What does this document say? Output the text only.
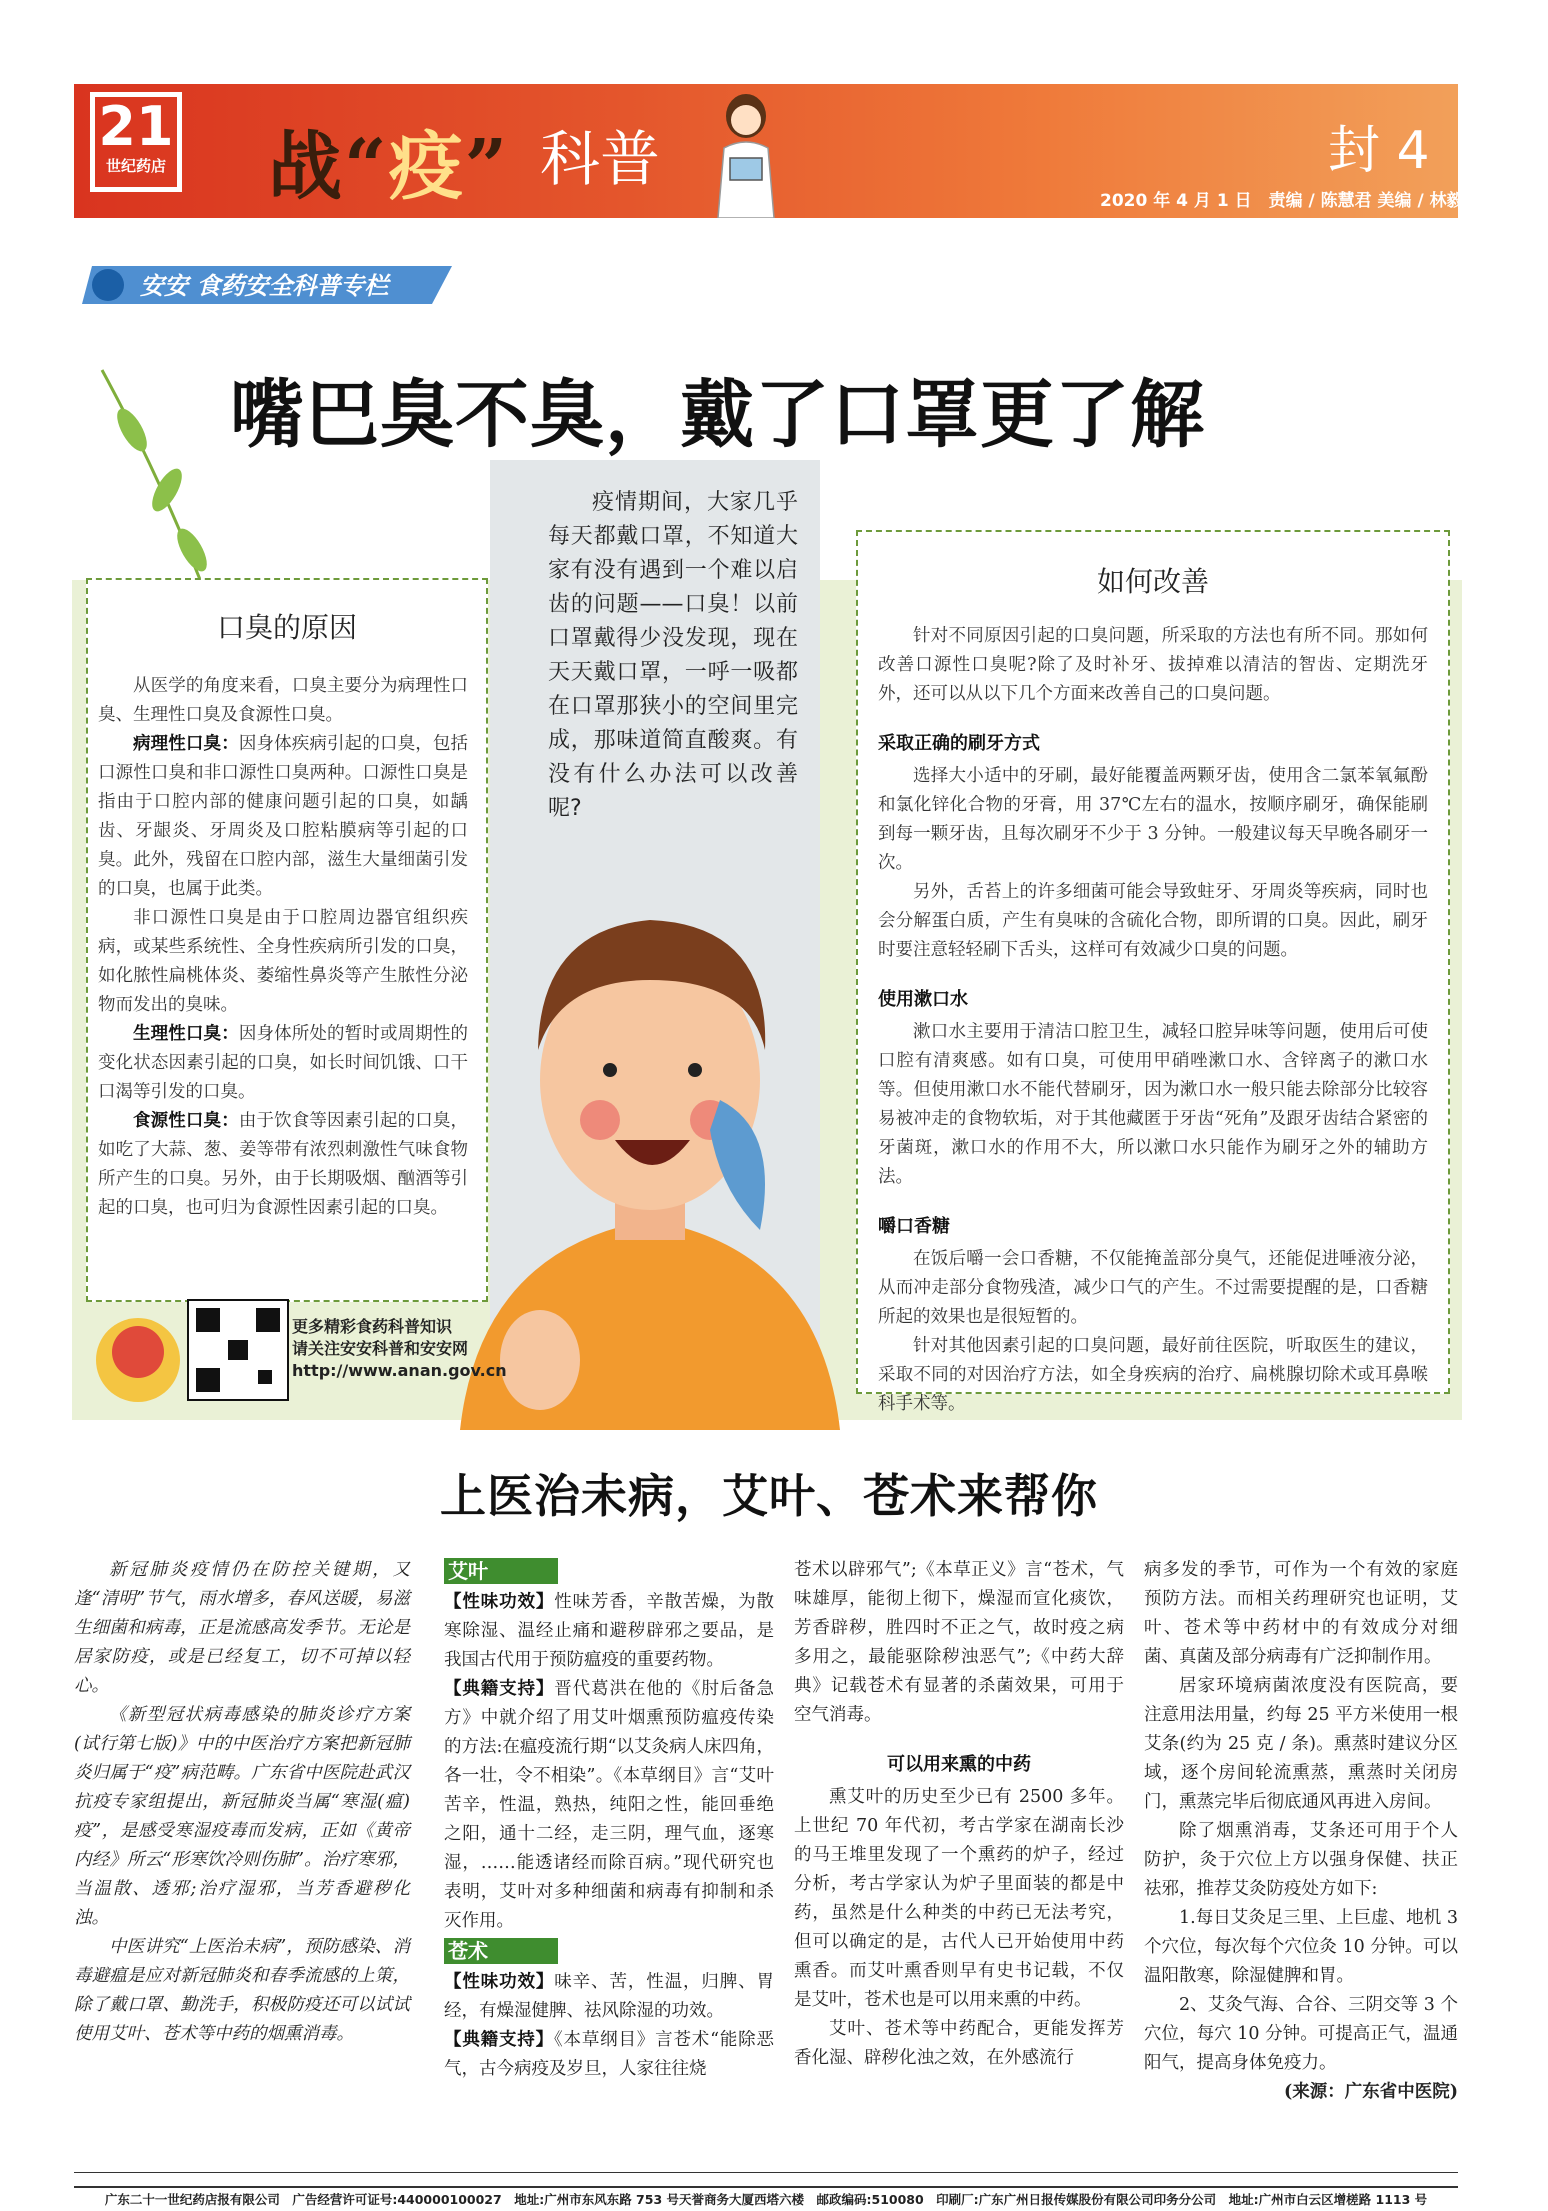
21
世纪药店 战“疫” 科普	封 4
2020 年 4 月 1 日　责编 / 陈慧君 美编 / 林毅燕
安安 食药安全科普专栏
嘴巴臭不臭，戴了口罩更了解
口臭的原因

从医学的角度来看，口臭主要分为病理性口臭、生理性口臭及食源性口臭。

病理性口臭：因身体疾病引起的口臭，包括口源性口臭和非口源性口臭两种。口源性口臭是指由于口腔内部的健康问题引起的口臭，如龋齿、牙龈炎、牙周炎及口腔粘膜病等引起的口臭。此外，残留在口腔内部，滋生大量细菌引发的口臭，也属于此类。

非口源性口臭是由于口腔周边器官组织疾病，或某些系统性、全身性疾病所引发的口臭，如化脓性扁桃体炎、萎缩性鼻炎等产生脓性分泌物而发出的臭味。

生理性口臭：因身体所处的暂时或周期性的变化状态因素引起的口臭，如长时间饥饿、口干口渴等引发的口臭。

食源性口臭：由于饮食等因素引起的口臭，如吃了大蒜、葱、姜等带有浓烈刺激性气味食物所产生的口臭。另外，由于长期吸烟、酗酒等引起的口臭，也可归为食源性因素引起的口臭。

疫情期间，大家几乎每天都戴口罩，不知道大家有没有遇到一个难以启齿的问题——口臭！以前口罩戴得少没发现，现在天天戴口罩，一呼一吸都在口罩那狭小的空间里完成，那味道简直酸爽。有没有什么办法可以改善呢?

如何改善

针对不同原因引起的口臭问题，所采取的方法也有所不同。那如何改善口源性口臭呢?除了及时补牙、拔掉难以清洁的智齿、定期洗牙外，还可以从以下几个方面来改善自己的口臭问题。

采取正确的刷牙方式

选择大小适中的牙刷，最好能覆盖两颗牙齿，使用含二氯苯氧氟酚和氯化锌化合物的牙膏，用 37℃左右的温水，按顺序刷牙，确保能刷到每一颗牙齿，且每次刷牙不少于 3 分钟。一般建议每天早晚各刷牙一次。

另外，舌苔上的许多细菌可能会导致蛀牙、牙周炎等疾病，同时也会分解蛋白质，产生有臭味的含硫化合物，即所谓的口臭。因此，刷牙时要注意轻轻刷下舌头，这样可有效减少口臭的问题。

使用漱口水

漱口水主要用于清洁口腔卫生，减轻口腔异味等问题，使用后可使口腔有清爽感。如有口臭，可使用甲硝唑漱口水、含锌离子的漱口水等。但使用漱口水不能代替刷牙，因为漱口水一般只能去除部分比较容易被冲走的食物软垢，对于其他藏匿于牙齿“死角”及跟牙齿结合紧密的牙菌斑，漱口水的作用不大，所以漱口水只能作为刷牙之外的辅助方法。

嚼口香糖

在饭后嚼一会口香糖，不仅能掩盖部分臭气，还能促进唾液分泌，从而冲走部分食物残渣，减少口气的产生。不过需要提醒的是，口香糖所起的效果也是很短暂的。

针对其他因素引起的口臭问题，最好前往医院，听取医生的建议，采取不同的对因治疗方法，如全身疾病的治疗、扁桃腺切除术或耳鼻喉科手术等。

更多精彩食药科普知识
请关注安安科普和安安网
http://www.anan.gov.cn
上医治未病，艾叶、苍术来帮你

新冠肺炎疫情仍在防控关键期，又逢“清明”节气，雨水增多，春风送暖，易滋生细菌和病毒，正是流感高发季节。无论是居家防疫，或是已经复工，切不可掉以轻心。

《新型冠状病毒感染的肺炎诊疗方案(试行第七版)》中的中医治疗方案把新冠肺炎归属于“疫”病范畴。广东省中医院赴武汉抗疫专家组提出，新冠肺炎当属“寒湿(瘟)疫”，是感受寒湿疫毒而发病，正如《黄帝内经》所云“形寒饮冷则伤肺”。治疗寒邪，当温散、透邪;治疗湿邪，当芳香避秽化浊。

中医讲究“上医治未病”，预防感染、消毒避瘟是应对新冠肺炎和春季流感的上策，除了戴口罩、勤洗手，积极防疫还可以试试使用艾叶、苍术等中药的烟熏消毒。

艾叶

【性味功效】性味芳香，辛散苦燥，为散寒除湿、温经止痛和避秽辟邪之要品，是我国古代用于预防瘟疫的重要药物。

【典籍支持】晋代葛洪在他的《肘后备急方》中就介绍了用艾叶烟熏预防瘟疫传染的方法:在瘟疫流行期“以艾灸病人床四角，各一壮，令不相染”。《本草纲目》言“艾叶苦辛，性温，熟热，纯阳之性，能回垂绝之阳，通十二经，走三阴，理气血，逐寒湿，……能透诸经而除百病。”现代研究也表明，艾叶对多种细菌和病毒有抑制和杀灭作用。

苍术

【性味功效】味辛、苦，性温，归脾、胃经，有燥湿健脾、祛风除湿的功效。

【典籍支持】《本草纲目》言苍术“能除恶气，古今病疫及岁旦，人家往往烧

苍术以辟邪气”;《本草正义》言“苍术，气味雄厚，能彻上彻下，燥湿而宣化痰饮，芳香辟秽，胜四时不正之气，故时疫之病多用之，最能驱除秽浊恶气”;《中药大辞典》记载苍术有显著的杀菌效果，可用于空气消毒。

可以用来熏的中药

熏艾叶的历史至少已有 2500 多年。上世纪 70 年代初，考古学家在湖南长沙的马王堆里发现了一个熏药的炉子，经过分析，考古学家认为炉子里面装的都是中药，虽然是什么种类的中药已无法考究，但可以确定的是，古代人已开始使用中药熏香。而艾叶熏香则早有史书记载，不仅是艾叶，苍术也是可以用来熏的中药。

艾叶、苍术等中药配合，更能发挥芳香化湿、辟秽化浊之效，在外感流行

病多发的季节，可作为一个有效的家庭预防方法。而相关药理研究也证明，艾叶、苍术等中药材中的有效成分对细菌、真菌及部分病毒有广泛抑制作用。

居家环境病菌浓度没有医院高，要注意用法用量，约每 25 平方米使用一根艾条(约为 25 克 / 条)。熏蒸时建议分区域，逐个房间轮流熏蒸，熏蒸时关闭房门，熏蒸完毕后彻底通风再进入房间。

除了烟熏消毒，艾条还可用于个人防护，灸于穴位上方以强身保健、扶正祛邪，推荐艾灸防疫处方如下:

1.每日艾灸足三里、上巨虚、地机 3 个穴位，每次每个穴位灸 10 分钟。可以温阳散寒，除湿健脾和胃。

2、艾灸气海、合谷、三阴交等 3 个穴位，每穴 10 分钟。可提高正气，温通阳气，提高身体免疫力。

(来源：广东省中医院)
广东二十一世纪药店报有限公司　广告经营许可证号:440000100027　地址:广州市东风东路 753 号天誉商务大厦西塔六楼　邮政编码:510080　印刷厂:广东广州日报传媒股份有限公司印务分公司　地址:广州市白云区增槎路 1113 号
